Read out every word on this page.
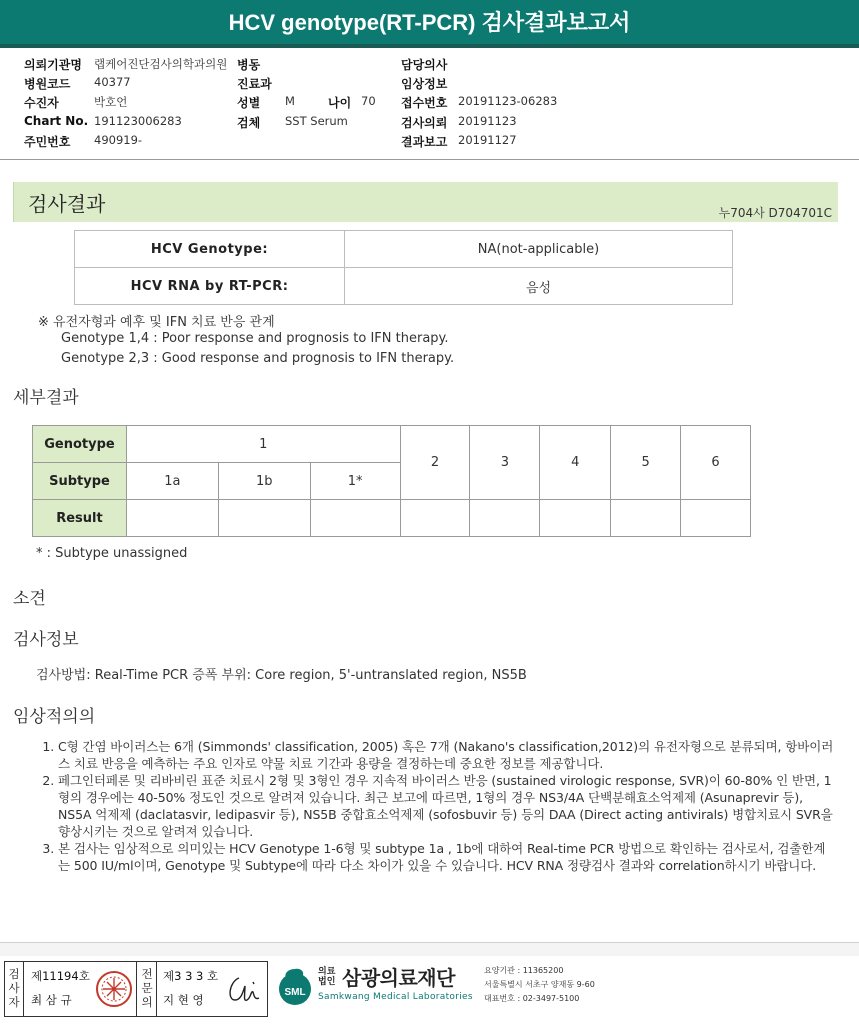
HCV genotype(RT-PCR) 검사결과보고서
의뢰기관명 랩케어진단검사의학과의원 병동	담당의사
병원코드 40377	진료과	임상정보
수진자	박호언	성별 M	나이 70 접수번호 20191123-06283
Chart No. 191123006283	검체 SST Serum	검사의뢰 20191123
주민번호 490919-	결과보고 20191127
검사결과	누704사 D704701C
HCV Genotype:	NA(not-applicable)
HCV RNA by RT-PCR:	음성
※ 유전자형과 예후 및 IFN 치료 반응 관계
Genotype 1,4 : Poor response and prognosis to IFN therapy.
Genotype 2,3 : Good response and prognosis to IFN therapy.
세부결과
Genotype	1			2	3	4	5	6
Subtype	1a	1b	1*					
Result								
* : Subtype unassigned
소견
검사정보
검사방법: Real-Time PCR 증폭 부위: Core region, 5'-untranslated region, NS5B
임상적의의
1. C형 간염 바이러스는 6개 (Simmonds' classification, 2005) 혹은 7개 (Nakano's classification,2012)의 유전자형으로 분류되며, 항바이러스 치료 반응을 예측하는 주요 인자로 약물 치료 기간과 용량을 결정하는데 중요한 정보를 제공합니다.
2. 페그인터페론 및 리바비린 표준 치료시 2형 및 3형인 경우 지속적 바이러스 반응 (sustained virologic response, SVR)이 60-80% 인 반면, 1형의 경우에는 40-50% 정도인 것으로 알려져 있습니다. 최근 보고에 따르면, 1형의 경우 NS3/4A 단백분해효소억제제 (Asunaprevir 등), NS5A 억제제 (daclatasvir, ledipasvir 등), NS5B 중합효소억제제 (sofosbuvir 등) 등의 DAA (Direct acting antivirals) 병합치료시 SVR을 향상시키는 것으로 알려져 있습니다.
3. 본 검사는 임상적으로 의미있는 HCV Genotype 1-6형 및 subtype 1a , 1b에 대하여 Real-time PCR 방법으로 확인하는 검사로서, 검출한계는 500 IU/ml이며, Genotype 및 Subtype에 따라 다소 차이가 있을 수 있습니다. HCV RNA 정량검사 결과와 correlation하시기 바랍니다.
검사자
제11194호
최 삼 규
전문의
제3 3 3 호
지 현 영
SML
의료법인 삼광의료재단
Samkwang Medical Laboratories
요양기관 : 11365200
서울특별시 서초구 양재동 9-60
대표번호 : 02-3497-5100
